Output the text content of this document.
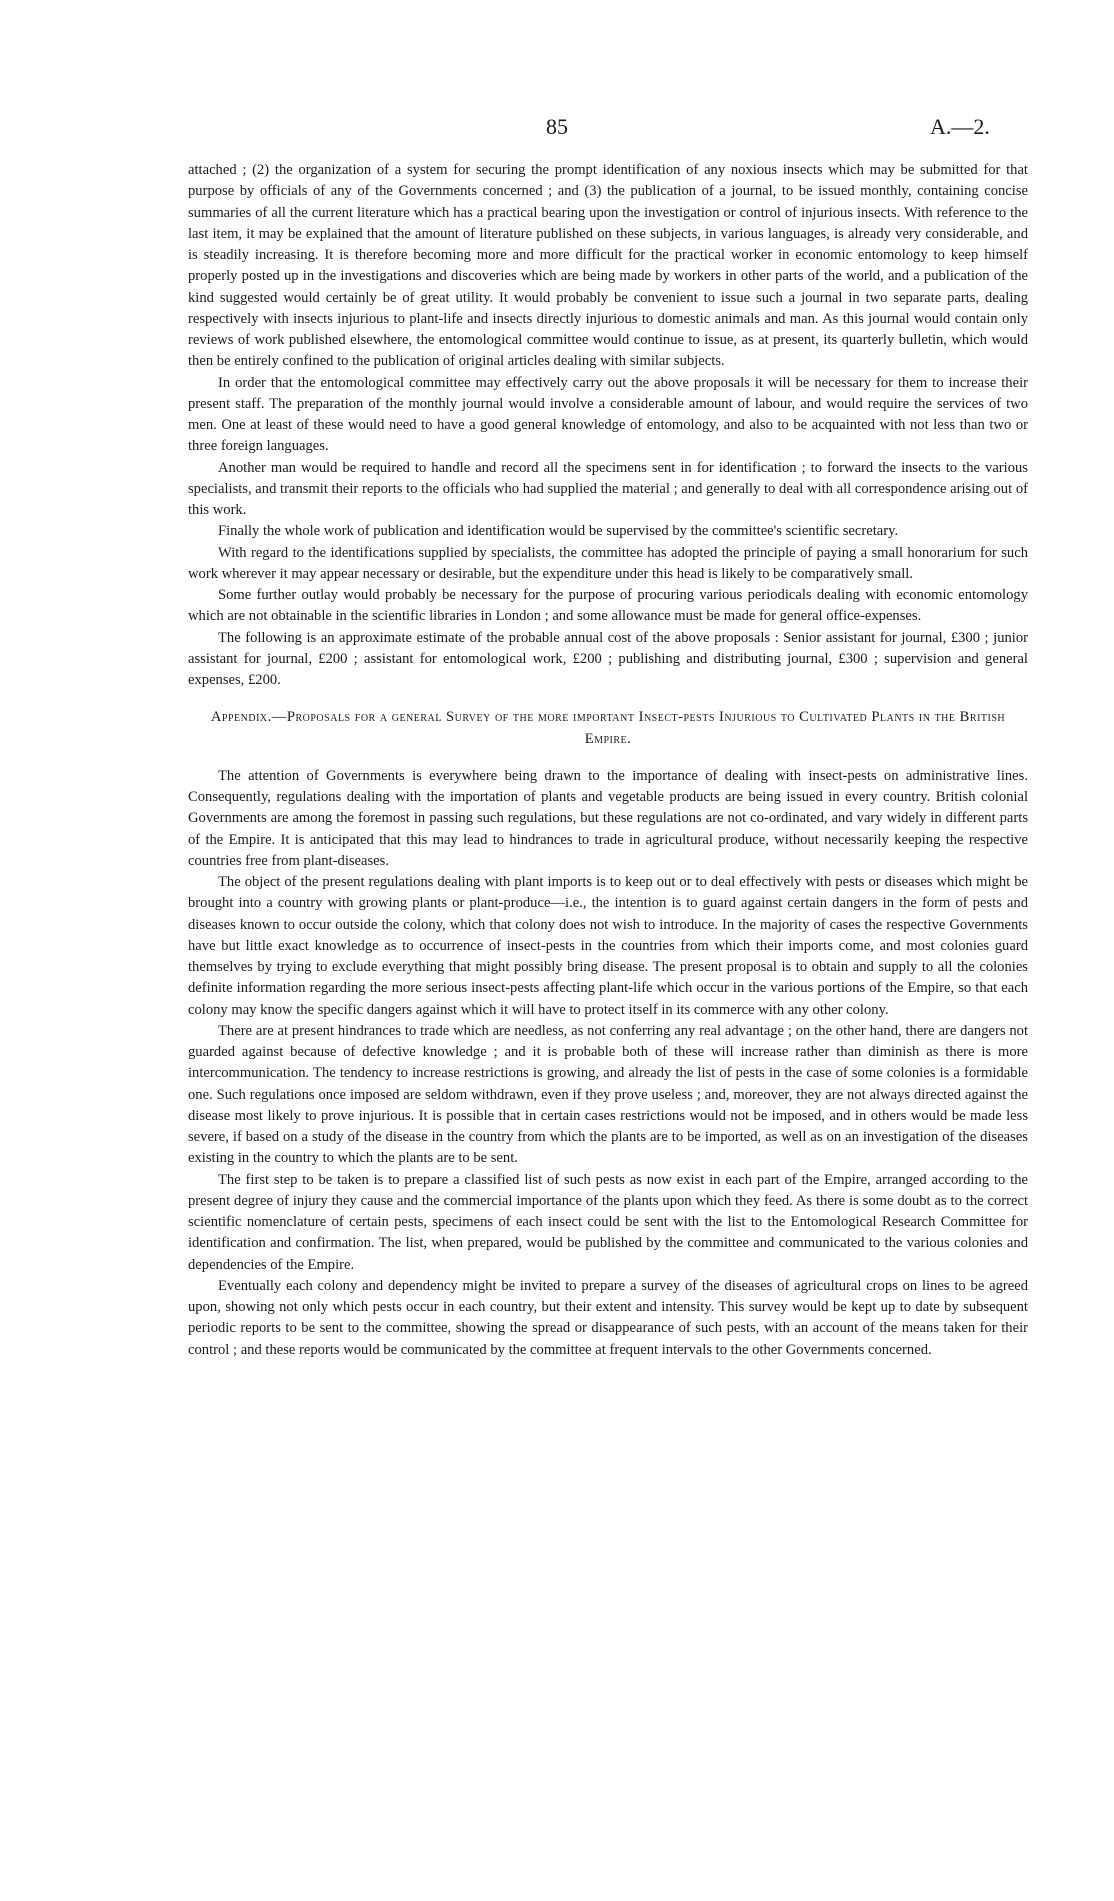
85	A.—2.

attached ; (2) the organization of a system for securing the prompt identification of any noxious insects which may be submitted for that purpose by officials of any of the Governments concerned ; and (3) the publication of a journal, to be issued monthly, containing concise summaries of all the current literature which has a practical bearing upon the investigation or control of injurious insects. With reference to the last item, it may be explained that the amount of literature published on these subjects, in various languages, is already very considerable, and is steadily increasing. It is therefore becoming more and more difficult for the practical worker in economic entomology to keep himself properly posted up in the investigations and discoveries which are being made by workers in other parts of the world, and a publication of the kind suggested would certainly be of great utility. It would probably be convenient to issue such a journal in two separate parts, dealing respectively with insects injurious to plant-life and insects directly injurious to domestic animals and man. As this journal would contain only reviews of work published elsewhere, the entomological committee would continue to issue, as at present, its quarterly bulletin, which would then be entirely confined to the publication of original articles dealing with similar subjects.

In order that the entomological committee may effectively carry out the above proposals it will be necessary for them to increase their present staff. The preparation of the monthly journal would involve a considerable amount of labour, and would require the services of two men. One at least of these would need to have a good general knowledge of entomology, and also to be acquainted with not less than two or three foreign languages.

Another man would be required to handle and record all the specimens sent in for identification ; to forward the insects to the various specialists, and transmit their reports to the officials who had supplied the material ; and generally to deal with all correspondence arising out of this work.

Finally the whole work of publication and identification would be supervised by the committee's scientific secretary.

With regard to the identifications supplied by specialists, the committee has adopted the principle of paying a small honorarium for such work wherever it may appear necessary or desirable, but the expenditure under this head is likely to be comparatively small.

Some further outlay would probably be necessary for the purpose of procuring various periodicals dealing with economic entomology which are not obtainable in the scientific libraries in London ; and some allowance must be made for general office-expenses.

The following is an approximate estimate of the probable annual cost of the above proposals : Senior assistant for journal, £300 ; junior assistant for journal, £200 ; assistant for entomological work, £200 ; publishing and distributing journal, £300 ; supervision and general expenses, £200.

Appendix.—Proposals for a general Survey of the more important Insect-pests Injurious to Cultivated Plants in the British Empire.

The attention of Governments is everywhere being drawn to the importance of dealing with insect-pests on administrative lines. Consequently, regulations dealing with the importation of plants and vegetable products are being issued in every country. British colonial Governments are among the foremost in passing such regulations, but these regulations are not co-ordinated, and vary widely in different parts of the Empire. It is anticipated that this may lead to hindrances to trade in agricultural produce, without necessarily keeping the respective countries free from plant-diseases.

The object of the present regulations dealing with plant imports is to keep out or to deal effectively with pests or diseases which might be brought into a country with growing plants or plant-produce—i.e., the intention is to guard against certain dangers in the form of pests and diseases known to occur outside the colony, which that colony does not wish to introduce. In the majority of cases the respective Governments have but little exact knowledge as to occurrence of insect-pests in the countries from which their imports come, and most colonies guard themselves by trying to exclude everything that might possibly bring disease. The present proposal is to obtain and supply to all the colonies definite information regarding the more serious insect-pests affecting plant-life which occur in the various portions of the Empire, so that each colony may know the specific dangers against which it will have to protect itself in its commerce with any other colony.

There are at present hindrances to trade which are needless, as not conferring any real advantage ; on the other hand, there are dangers not guarded against because of defective knowledge ; and it is probable both of these will increase rather than diminish as there is more intercommunication. The tendency to increase restrictions is growing, and already the list of pests in the case of some colonies is a formidable one. Such regulations once imposed are seldom withdrawn, even if they prove useless ; and, moreover, they are not always directed against the disease most likely to prove injurious. It is possible that in certain cases restrictions would not be imposed, and in others would be made less severe, if based on a study of the disease in the country from which the plants are to be imported, as well as on an investigation of the diseases existing in the country to which the plants are to be sent.

The first step to be taken is to prepare a classified list of such pests as now exist in each part of the Empire, arranged according to the present degree of injury they cause and the commercial importance of the plants upon which they feed. As there is some doubt as to the correct scientific nomenclature of certain pests, specimens of each insect could be sent with the list to the Entomological Research Committee for identification and confirmation. The list, when prepared, would be published by the committee and communicated to the various colonies and dependencies of the Empire.

Eventually each colony and dependency might be invited to prepare a survey of the diseases of agricultural crops on lines to be agreed upon, showing not only which pests occur in each country, but their extent and intensity. This survey would be kept up to date by subsequent periodic reports to be sent to the committee, showing the spread or disappearance of such pests, with an account of the means taken for their control ; and these reports would be communicated by the committee at frequent intervals to the other Governments concerned.
